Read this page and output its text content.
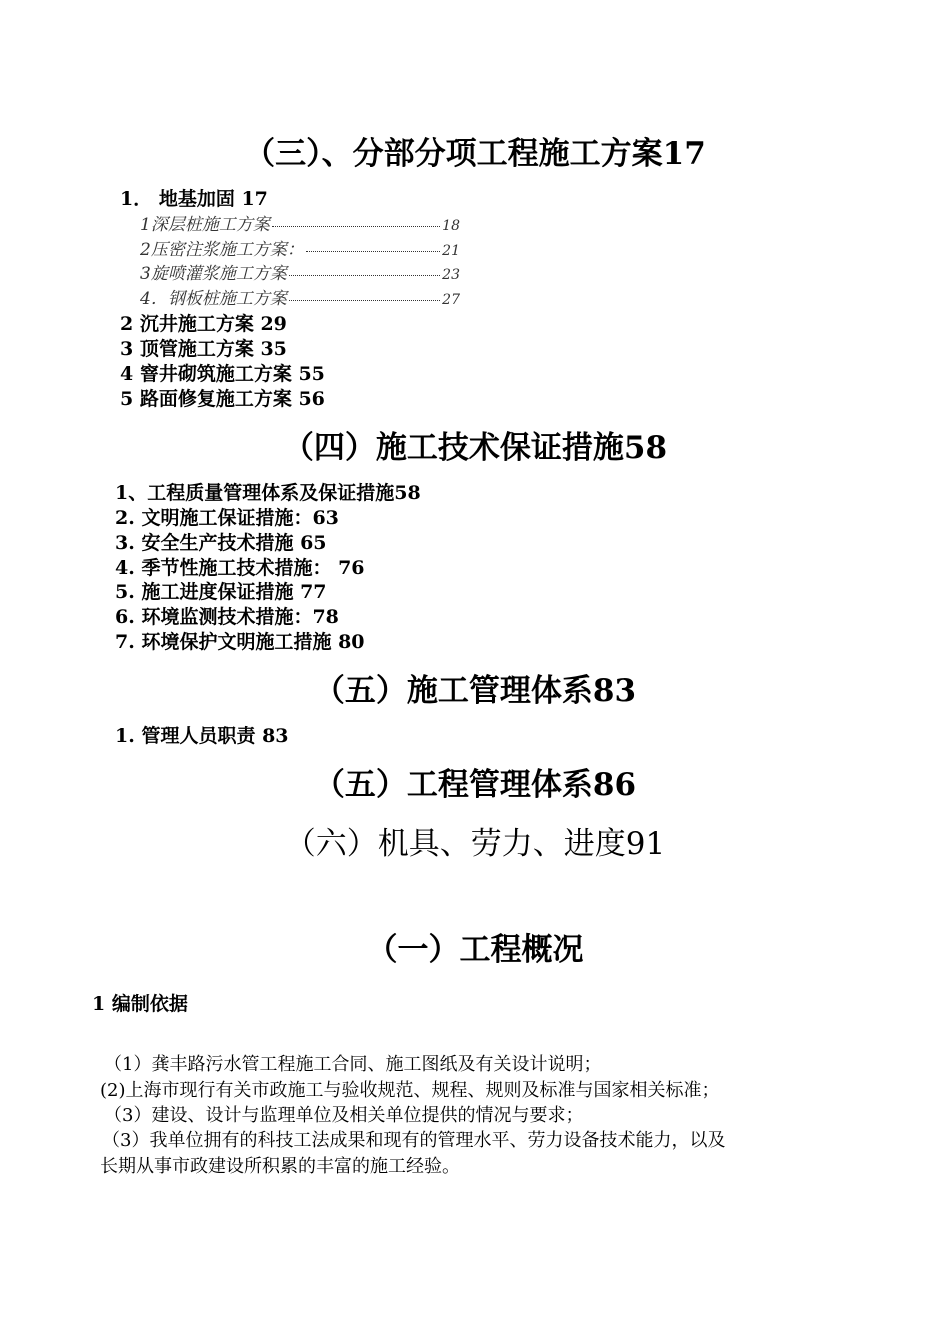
（三）、分部分项工程施工方案17
1． 地基加固 17
1深层桩施工方案	18
2压密注浆施工方案：	21
3旋喷灌浆施工方案	23
4．钢板桩施工方案	27
2 沉井施工方案 29
3 顶管施工方案 35
4 窨井砌筑施工方案 55
5 路面修复施工方案 56
（四）施工技术保证措施58
1、工程质量管理体系及保证措施58
2. 文明施工保证措施：63
3. 安全生产技术措施 65
4. 季节性施工技术措施： 76
5. 施工进度保证措施 77
6. 环境监测技术措施：78
7. 环境保护文明施工措施 80
（五）施工管理体系83
1. 管理人员职责 83
（五）工程管理体系86
（六）机具、劳力、进度91
（一）工程概况
1 编制依据
（1）龚丰路污水管工程施工合同、施工图纸及有关设计说明；
(2)上海市现行有关市政施工与验收规范、规程、规则及标准与国家相关标准；
（3）建设、设计与监理单位及相关单位提供的情况与要求；
（3）我单位拥有的科技工法成果和现有的管理水平、劳力设备技术能力，以及
长期从事市政建设所积累的丰富的施工经验。
